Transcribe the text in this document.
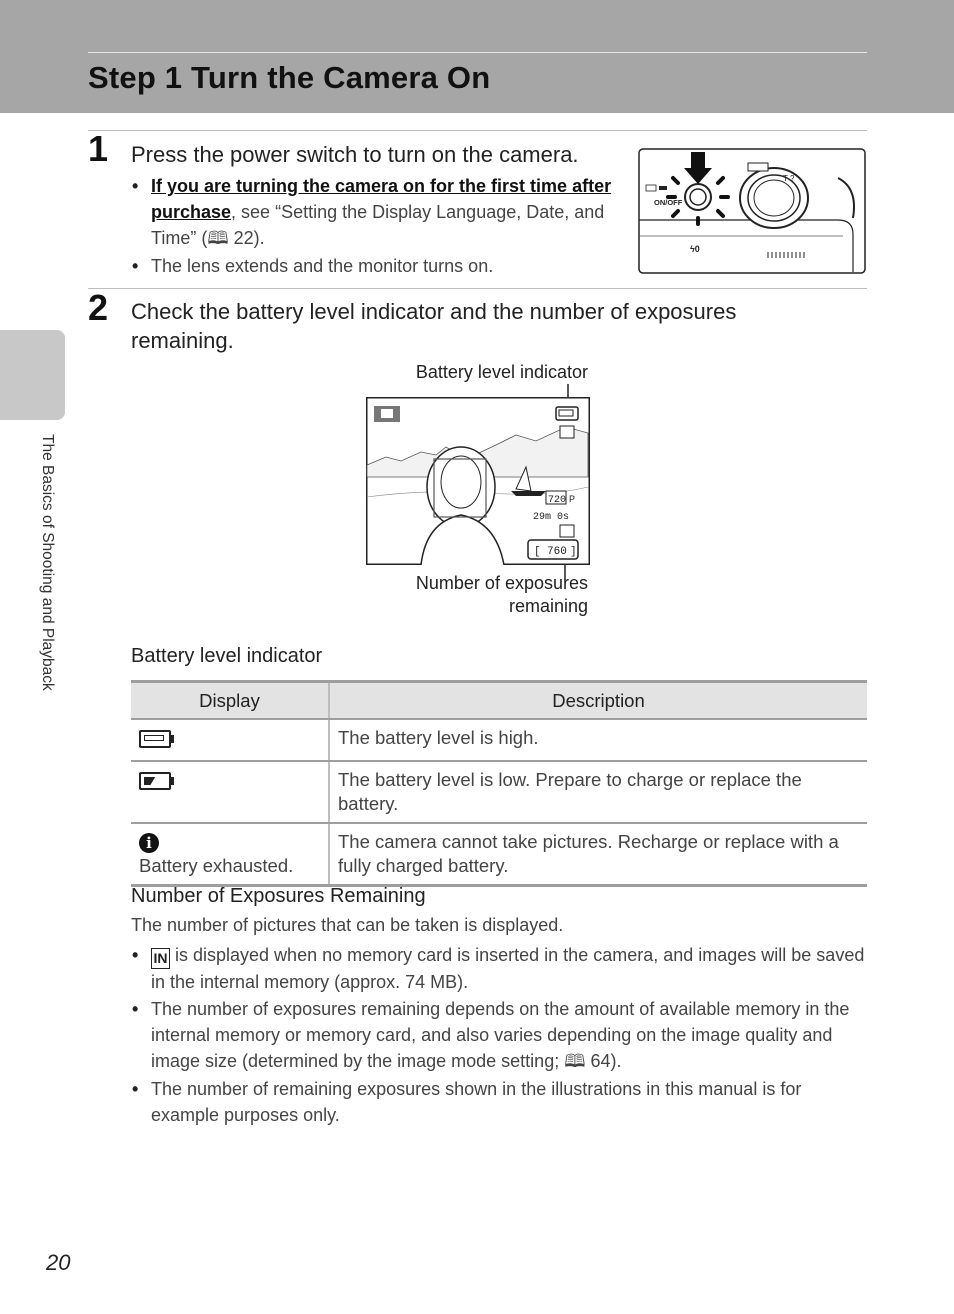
Step 1 Turn the Camera On
The Basics of Shooting and Playback
1 Press the power switch to turn on the camera.
• If you are turning the camera on for the first time after purchase, see “Setting the Display Language, Date, and Time” (🕮 22).
• The lens extends and the monitor turns on.
ON/OFF
T ?
ϟ0
2 Check the battery level indicator and the number of exposures remaining.
Battery level indicator
Number of exposures
remaining
720 P
29m 0s
[ 760 ]
Battery level indicator
Display	Description

	The battery level is high.

	The battery level is low. Prepare to charge or replace the battery.
i
Battery exhausted.	The camera cannot take pictures. Recharge or replace with a fully charged battery.
Number of Exposures Remaining
The number of pictures that can be taken is displayed.
• IN is displayed when no memory card is inserted in the camera, and images will be saved in the internal memory (approx. 74 MB).
• The number of exposures remaining depends on the amount of available memory in the internal memory or memory card, and also varies depending on the image quality and image size (determined by the image mode setting; 🕮 64).
• The number of remaining exposures shown in the illustrations in this manual is for example purposes only.
20
